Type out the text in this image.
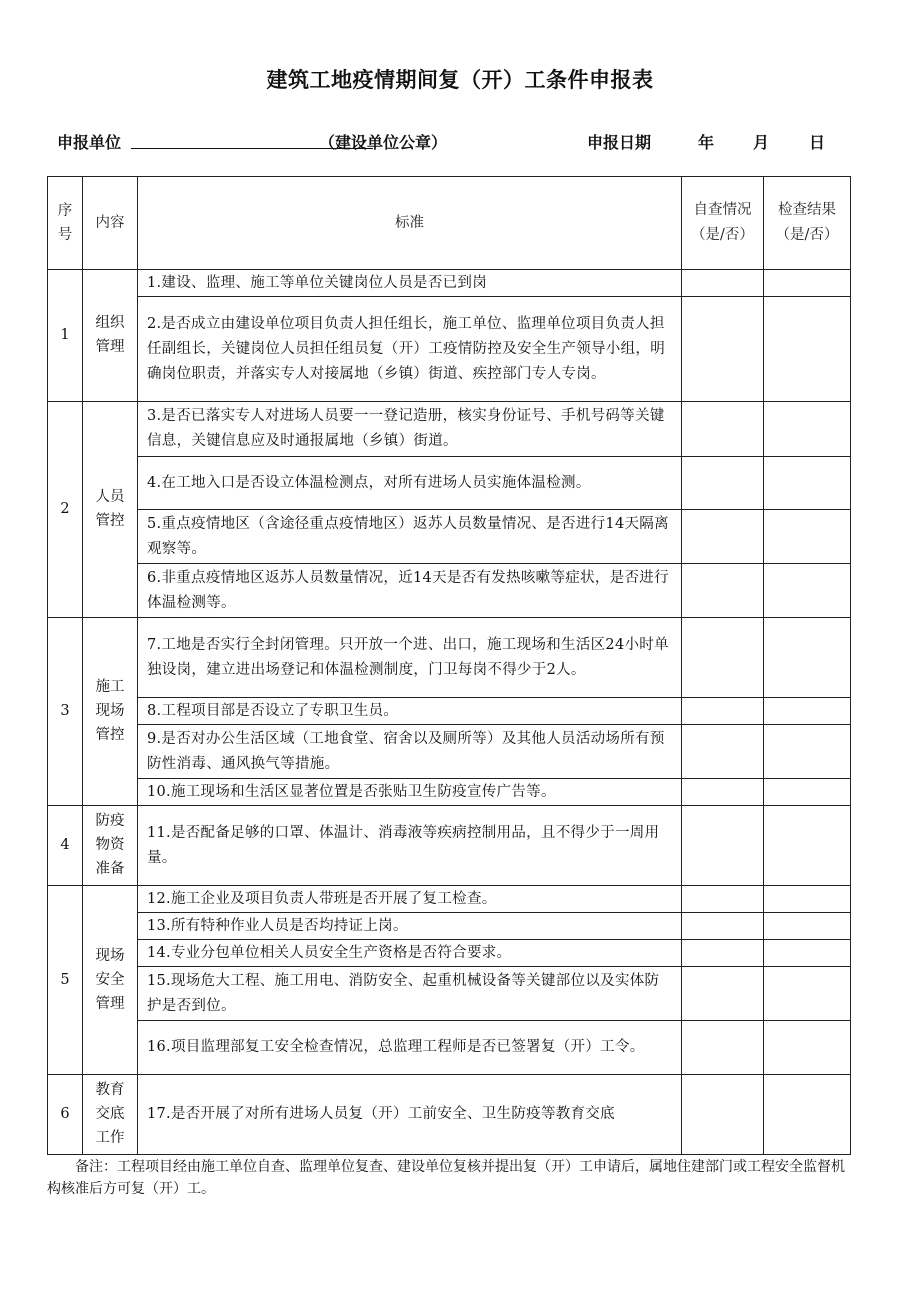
建筑工地疫情期间复（开）工条件申报表
申报单位	（建设单位公章）	申报日期	年 月 日
序号	内容	标准	自查情况（是/否）	检查结果（是/否）
1	组织管理	1.建设、监理、施工等单位关键岗位人员是否已到岗		
		2.是否成立由建设单位项目负责人担任组长，施工单位、监理单位项目负责人担任副组长，关键岗位人员担任组员复（开）工疫情防控及安全生产领导小组，明确岗位职责，并落实专人对接属地（乡镇）街道、疾控部门专人专岗。		
2	人员管控	3.是否已落实专人对进场人员要一一登记造册，核实身份证号、手机号码等关键信息，关键信息应及时通报属地（乡镇）街道。		
		4.在工地入口是否设立体温检测点，对所有进场人员实施体温检测。		
		5.重点疫情地区（含途径重点疫情地区）返苏人员数量情况、是否进行14天隔离观察等。		
		6.非重点疫情地区返苏人员数量情况，近14天是否有发热咳嗽等症状，是否进行体温检测等。		
3	施工现场管控	7.工地是否实行全封闭管理。只开放一个进、出口，施工现场和生活区24小时单独设岗，建立进出场登记和体温检测制度，门卫每岗不得少于2人。		
		8.工程项目部是否设立了专职卫生员。		
		9.是否对办公生活区域（工地食堂、宿舍以及厕所等）及其他人员活动场所有预防性消毒、通风换气等措施。		
		10.施工现场和生活区显著位置是否张贴卫生防疫宣传广告等。		
4	防疫物资准备	11.是否配备足够的口罩、体温计、消毒液等疾病控制用品，且不得少于一周用量。		
5	现场安全管理	12.施工企业及项目负责人带班是否开展了复工检查。		
		13.所有特种作业人员是否均持证上岗。		
		14.专业分包单位相关人员安全生产资格是否符合要求。		
		15.现场危大工程、施工用电、消防安全、起重机械设备等关键部位以及实体防护是否到位。		
		16.项目监理部复工安全检查情况，总监理工程师是否已签署复（开）工令。		
6	教育交底工作	17.是否开展了对所有进场人员复（开）工前安全、卫生防疫等教育交底		
备注：工程项目经由施工单位自查、监理单位复查、建设单位复核并提出复（开）工申请后，属地住建部门或工程安全监督机构核准后方可复（开）工。
